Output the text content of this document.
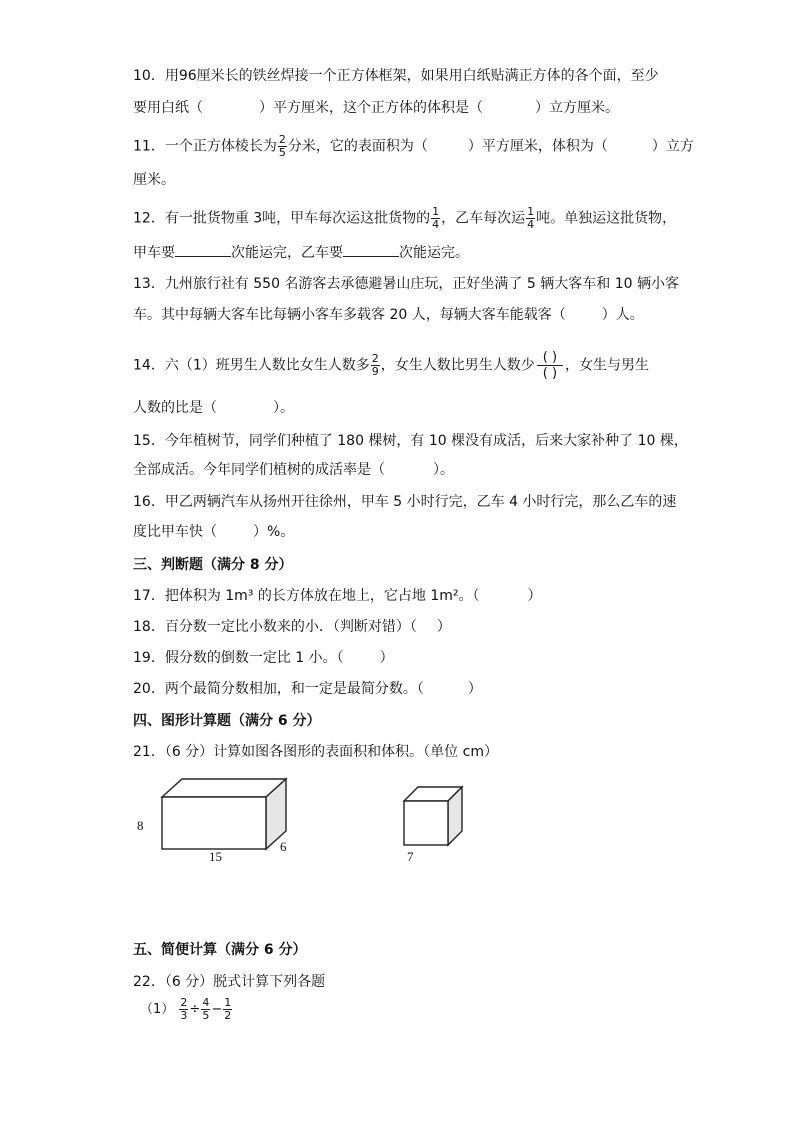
10．用96厘米长的铁丝焊接一个正方体框架，如果用白纸贴满正方体的各个面，至少
要用白纸（	）平方厘米，这个正方体的体积是（	）立方厘米。
11．一个正方体棱长为 $\frac{2}{5}$ 分米，它的表面积为（	）平方厘米，体积为（	）立方
厘米。
12．有一批货物重 3吨，甲车每次运这批货物的 $\frac{1}{4}$ ，乙车每次运 $\frac{1}{4}$ 吨。单独运这批货物，
甲车要	次能运完，乙车要	次能运完。
13．九州旅行社有 550 名游客去承德避暑山庄玩，正好坐满了 5 辆大客车和 10 辆小客
车。其中每辆大客车比每辆小客车多载客 20 人，每辆大客车能载客（	）人。
14．六（1）班男生人数比女生人数多 $\frac{2}{9}$ ，女生人数比男生人数少 ( )
( ) ，女生与男生
人数的比是（	）。
15．今年植树节，同学们种植了 180 棵树，有 10 棵没有成活，后来大家补种了 10 棵，
全部成活。今年同学们植树的成活率是（	）。
16．甲乙两辆汽车从扬州开往徐州，甲车 5 小时行完，乙车 4 小时行完，那么乙车的速
度比甲车快（	）%。
三、判断题（满分 8 分）
17．把体积为 1m³ 的长方体放在地上，它占地 1m²。（	）
18．百分数一定比小数来的小．（判断对错）（ ）
19．假分数的倒数一定比 1 小。（	）
20．两个最简分数相加，和一定是最简分数。（	）
四、图形计算题（满分 6 分）
21．（6 分）计算如图各图形的表面积和体积。（单位 cm）
8
15
6
7
五、简便计算（满分 6 分）
22．（6 分）脱式计算下列各题
$(1) \frac{2}{3} \div \frac{4}{5} - \frac{1}{2}$
